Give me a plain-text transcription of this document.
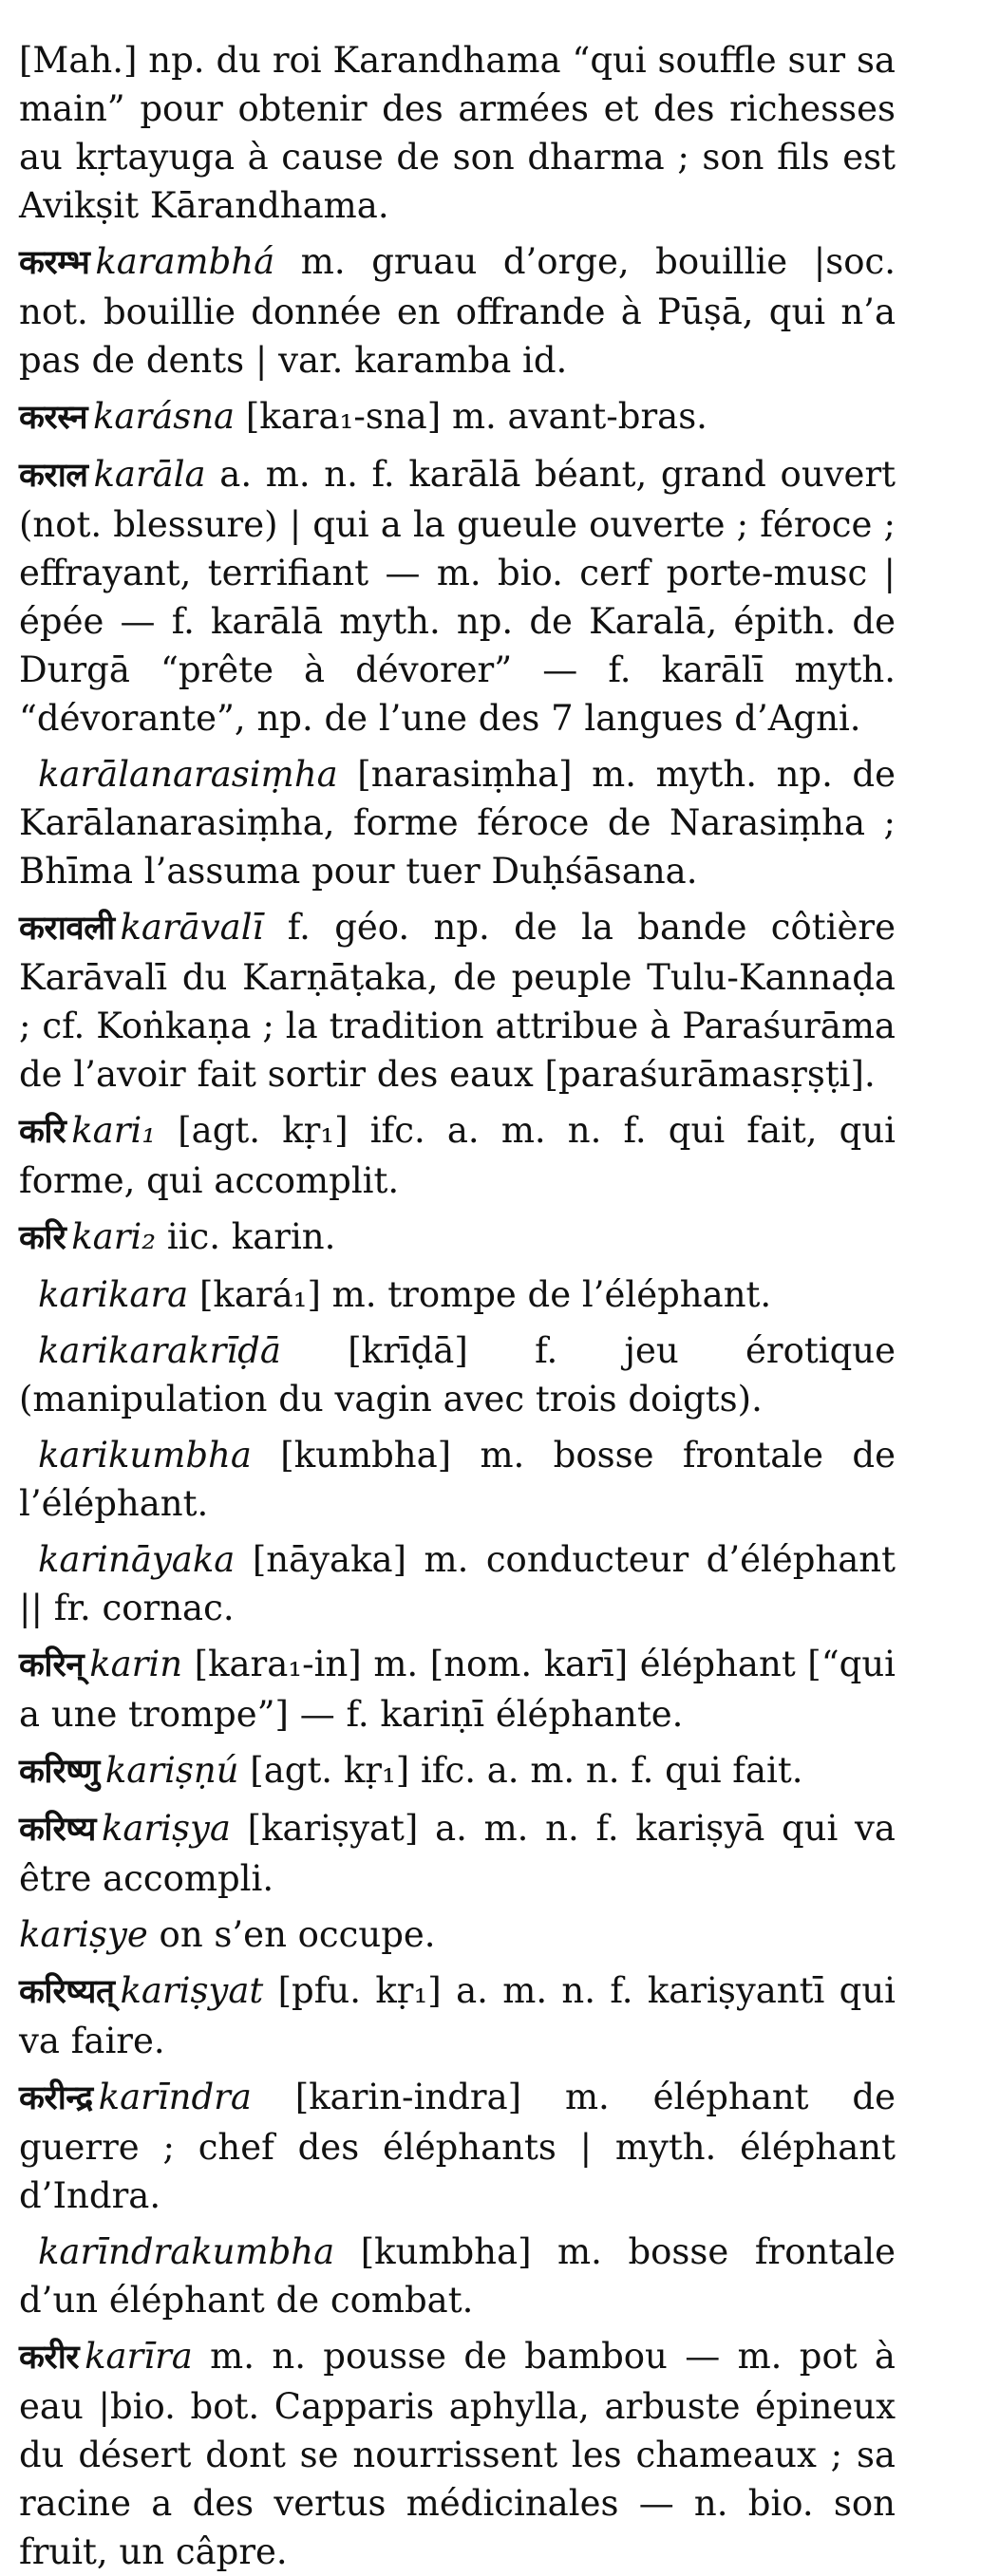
[Mah.] np. du roi Karandhama “qui souffle sur sa main” pour obtenir des armées et des richesses au kṛtayuga à cause de son dharma ; son fils est Avikṣit Kārandhama.

करम्भ karambhá m. gruau d’orge, bouillie |soc. not. bouillie donnée en offrande à Pūṣā, qui n’a pas de dents | var. karamba id.

करस्न karásna [kara₁-sna] m. avant-bras.

कराल karāla a. m. n. f. karālā béant, grand ouvert (not. blessure) | qui a la gueule ouverte ; féroce ; effrayant, terrifiant — m. bio. cerf porte-musc |épée — f. karālā myth. np. de Karalā, épith. de Durgā “prête à dévorer” — f. karālī myth. “dévorante”, np. de l’une des 7 langues d’Agni.

karālanarasiṃha [narasiṃha] m. myth. np. de Karālanarasiṃha, forme féroce de Narasiṃha ; Bhīma l’assuma pour tuer Duḥśāsana.

करावली karāvalī f. géo. np. de la bande côtière Karāvalī du Karṇāṭaka, de peuple Tulu-Kannaḍa ; cf. Koṅkaṇa ; la tradition attribue à Paraśurāma de l’avoir fait sortir des eaux [paraśurāmasṛṣṭi].

करि kari₁ [agt. kṛ₁] ifc. a. m. n. f. qui fait, qui forme, qui accomplit.

करि kari₂ iic. karin.

karikara [kará₁] m. trompe de l’éléphant.

karikarakrīḍā [krīḍā] f. jeu érotique (manipulation du vagin avec trois doigts).

karikumbha [kumbha] m. bosse frontale de l’éléphant.

karināyaka [nāyaka] m. conducteur d’éléphant || fr. cornac.

करिन् karin [kara₁-in] m. [nom. karī] éléphant [“qui a une trompe”] — f. kariṇī éléphante.

करिष्णु kariṣṇú [agt. kṛ₁] ifc. a. m. n. f. qui fait.

करिष्य kariṣya [kariṣyat] a. m. n. f. kariṣyā qui va être accompli.

kariṣye on s’en occupe.

करिष्यत् kariṣyat [pfu. kṛ₁] a. m. n. f. kariṣyantī qui va faire.

करीन्द्र karīndra [karin-indra] m. éléphant de guerre ; chef des éléphants | myth. éléphant d’Indra.

karīndrakumbha [kumbha] m. bosse frontale d’un éléphant de combat.

करीर karīra m. n. pousse de bambou — m. pot à eau |bio. bot. Capparis aphylla, arbuste épineux du désert dont se nourrissent les chameaux ; sa racine a des vertus médicinales — n. bio. son fruit, un câpre.
